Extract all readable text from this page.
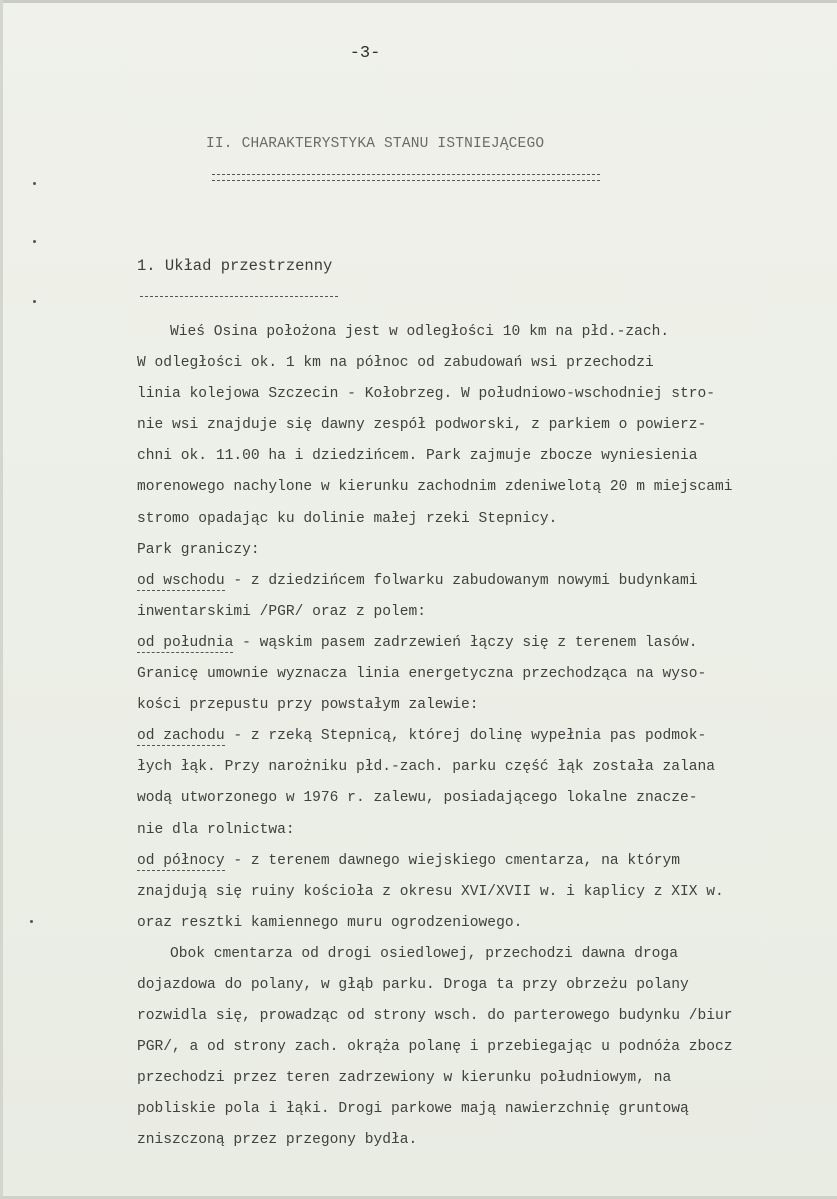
-3-
II. CHARAKTERYSTYKA STANU ISTNIEJĄCEGO
1. Układ przestrzenny
Wieś Osina położona jest w odległości 10 km na płd.-zach.
W odległości ok. 1 km na północ od zabudowań wsi przechodzi
linia kolejowa Szczecin - Kołobrzeg. W południowo-wschodniej stro-
nie wsi znajduje się dawny zespół podworski, z parkiem o powierz-
chni ok. 11.00 ha i dziedzińcem. Park zajmuje zbocze wyniesienia
morenowego nachylone w kierunku zachodnim zdeniwelotą 20 m miejscami
stromo opadając ku dolinie małej rzeki Stepnicy.
Park graniczy:
od wschodu - z dziedzińcem folwarku zabudowanym nowymi budynkami
inwentarskimi /PGR/ oraz z polem:
od południa - wąskim pasem zadrzewień łączy się z terenem lasów.
Granicę umownie wyznacza linia energetyczna przechodząca na wyso-
kości przepustu przy powstałym zalewie:
od zachodu - z rzeką Stepnicą, której dolinę wypełnia pas podmok-
łych łąk. Przy narożniku płd.-zach. parku część łąk została zalana
wodą utworzonego w 1976 r. zalewu, posiadającego lokalne znacze-
nie dla rolnictwa:
od północy - z terenem dawnego wiejskiego cmentarza, na którym
znajdują się ruiny kościoła z okresu XVI/XVII w. i kaplicy z XIX w.
oraz resztki kamiennego muru ogrodzeniowego.
Obok cmentarza od drogi osiedlowej, przechodzi dawna droga
dojazdowa do polany, w głąb parku. Droga ta przy obrzeżu polany
rozwidla się, prowadząc od strony wsch. do parterowego budynku /biur
PGR/, a od strony zach. okrąża polanę i przebiegając u podnóża zbocz
przechodzi przez teren zadrzewiony w kierunku południowym, na
pobliskie pola i łąki. Drogi parkowe mają nawierzchnię gruntową
zniszczoną przez przegony bydła.
